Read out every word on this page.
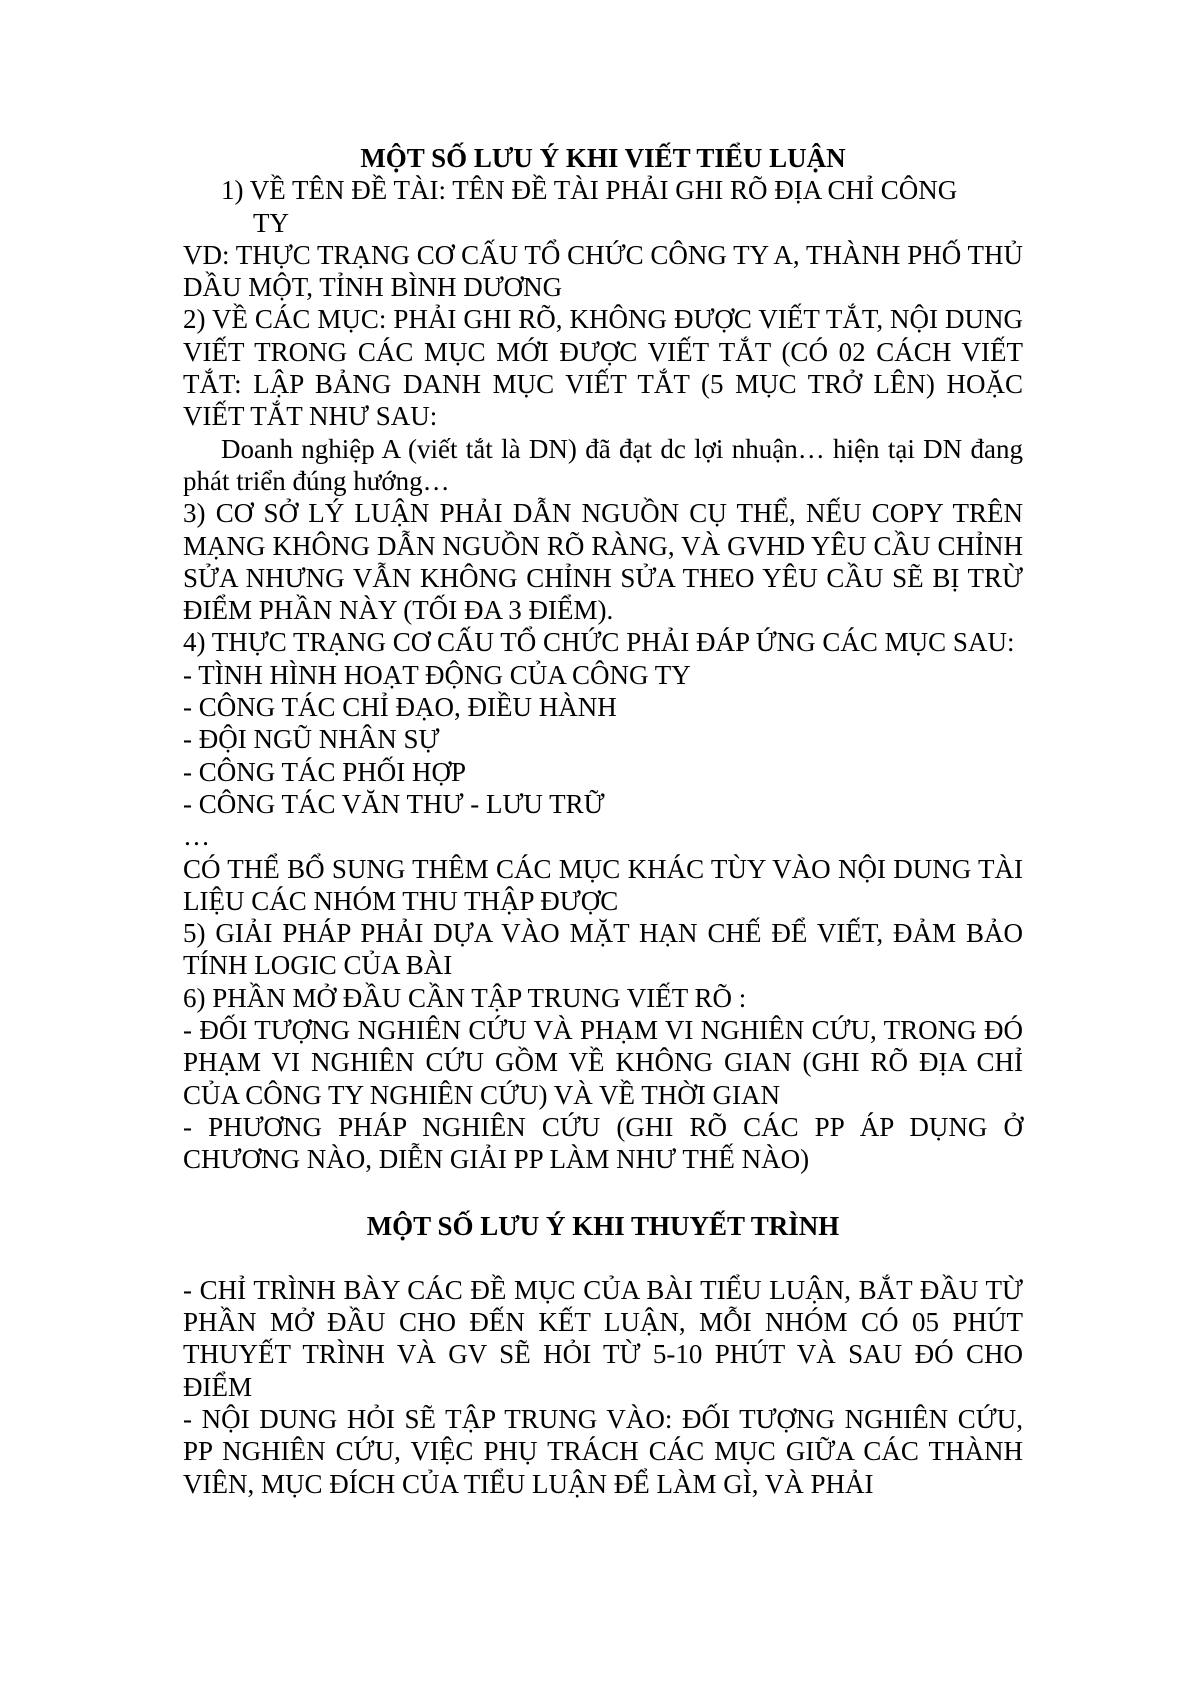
MỘT SỐ LƯU Ý KHI VIẾT TIỂU LUẬN

1) VỀ TÊN ĐỀ TÀI: TÊN ĐỀ TÀI PHẢI GHI RÕ ĐỊA CHỈ CÔNG

TY

VD: THỰC TRẠNG CƠ CẤU TỔ CHỨC CÔNG TY A, THÀNH PHỐ THỦ DẦU MỘT, TỈNH BÌNH DƯƠNG

2) VỀ CÁC MỤC: PHẢI GHI RÕ, KHÔNG ĐƯỢC VIẾT TẮT, NỘI DUNG VIẾT TRONG CÁC MỤC MỚI ĐƯỢC VIẾT TẮT (CÓ 02 CÁCH VIẾT TẮT: LẬP BẢNG DANH MỤC VIẾT TẮT (5 MỤC TRỞ LÊN) HOẶC VIẾT TẮT NHƯ SAU:

Doanh nghiệp A (viết tắt là DN) đã đạt dc lợi nhuận… hiện tại DN đang phát triển đúng hướng…

3) CƠ SỞ LÝ LUẬN PHẢI DẪN NGUỒN CỤ THỂ, NẾU COPY TRÊN MẠNG KHÔNG DẪN NGUỒN RÕ RÀNG, VÀ GVHD YÊU CẦU CHỈNH SỬA NHƯNG VẪN KHÔNG CHỈNH SỬA THEO YÊU CẦU SẼ BỊ TRỪ ĐIỂM PHẦN NÀY (TỐI ĐA 3 ĐIỂM).

4) THỰC TRẠNG CƠ CẤU TỔ CHỨC PHẢI ĐÁP ỨNG CÁC MỤC SAU:

- TÌNH HÌNH HOẠT ĐỘNG CỦA CÔNG TY

- CÔNG TÁC CHỈ ĐẠO, ĐIỀU HÀNH

- ĐỘI NGŨ NHÂN SỰ

- CÔNG TÁC PHỐI HỢP

- CÔNG TÁC VĂN THƯ - LƯU TRỮ

…

CÓ THỂ BỔ SUNG THÊM CÁC MỤC KHÁC TÙY VÀO NỘI DUNG TÀI LIỆU CÁC NHÓM THU THẬP ĐƯỢC

5) GIẢI PHÁP PHẢI DỰA VÀO MẶT HẠN CHẾ ĐỂ VIẾT, ĐẢM BẢO TÍNH LOGIC CỦA BÀI

6) PHẦN MỞ ĐẦU CẦN TẬP TRUNG VIẾT RÕ :

- ĐỐI TƯỢNG NGHIÊN CỨU VÀ PHẠM VI NGHIÊN CỨU, TRONG ĐÓ PHẠM VI NGHIÊN CỨU GỒM VỀ KHÔNG GIAN (GHI RÕ ĐỊA CHỈ CỦA CÔNG TY NGHIÊN CỨU) VÀ VỀ THỜI GIAN

- PHƯƠNG PHÁP NGHIÊN CỨU (GHI RÕ CÁC PP ÁP DỤNG Ở CHƯƠNG NÀO, DIỄN GIẢI PP LÀM NHƯ THẾ NÀO)

MỘT SỐ LƯU Ý KHI THUYẾT TRÌNH

- CHỈ TRÌNH BÀY CÁC ĐỀ MỤC CỦA BÀI TIỂU LUẬN, BẮT ĐẦU TỪ PHẦN MỞ ĐẦU CHO ĐẾN KẾT LUẬN, MỖI NHÓM CÓ 05 PHÚT THUYẾT TRÌNH VÀ GV SẼ HỎI TỪ 5-10 PHÚT VÀ SAU ĐÓ CHO ĐIỂM

- NỘI DUNG HỎI SẼ TẬP TRUNG VÀO: ĐỐI TƯỢNG NGHIÊN CỨU, PP NGHIÊN CỨU, VIỆC PHỤ TRÁCH CÁC MỤC GIỮA CÁC THÀNH VIÊN, MỤC ĐÍCH CỦA TIỂU LUẬN ĐỂ LÀM GÌ, VÀ PHẢI
